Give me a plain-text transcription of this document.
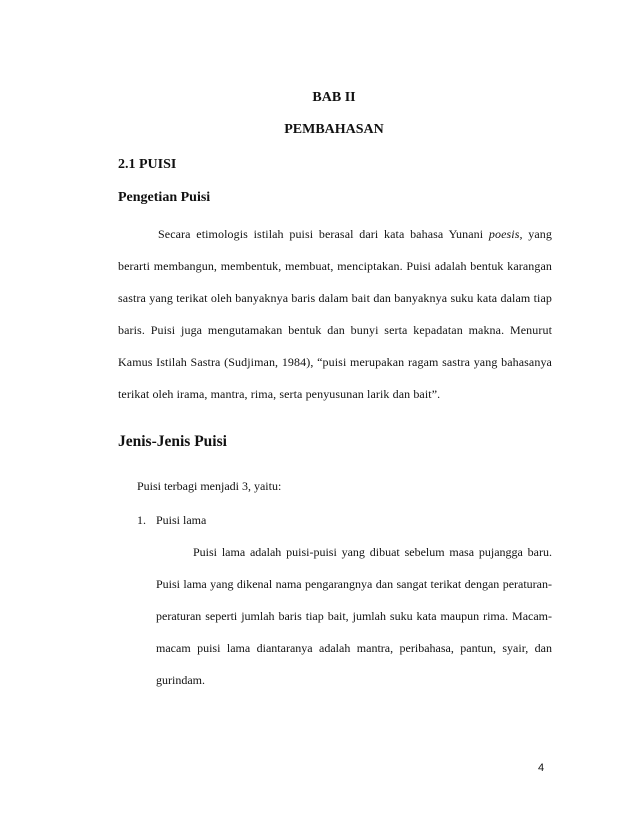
BAB II
PEMBAHASAN
2.1 PUISI
Pengetian Puisi

Secara etimologis istilah puisi berasal dari kata bahasa Yunani poesis, yang berarti membangun, membentuk, membuat, menciptakan. Puisi adalah bentuk karangan sastra yang terikat oleh banyaknya baris dalam bait dan banyaknya suku kata dalam tiap baris. Puisi juga mengutamakan bentuk dan bunyi serta kepadatan makna. Menurut Kamus Istilah Sastra (Sudjiman, 1984), “puisi merupakan ragam sastra yang bahasanya terikat oleh irama, mantra, rima, serta penyusunan larik dan bait”.

Jenis-Jenis Puisi

Puisi terbagi menjadi 3, yaitu:

1. Puisi lama

Puisi lama adalah puisi-puisi yang dibuat sebelum masa pujangga baru. Puisi lama yang dikenal nama pengarangnya dan sangat terikat dengan peraturan-peraturan seperti jumlah baris tiap bait, jumlah suku kata maupun rima. Macam-macam puisi lama diantaranya adalah mantra, peribahasa, pantun, syair, dan gurindam.

4
